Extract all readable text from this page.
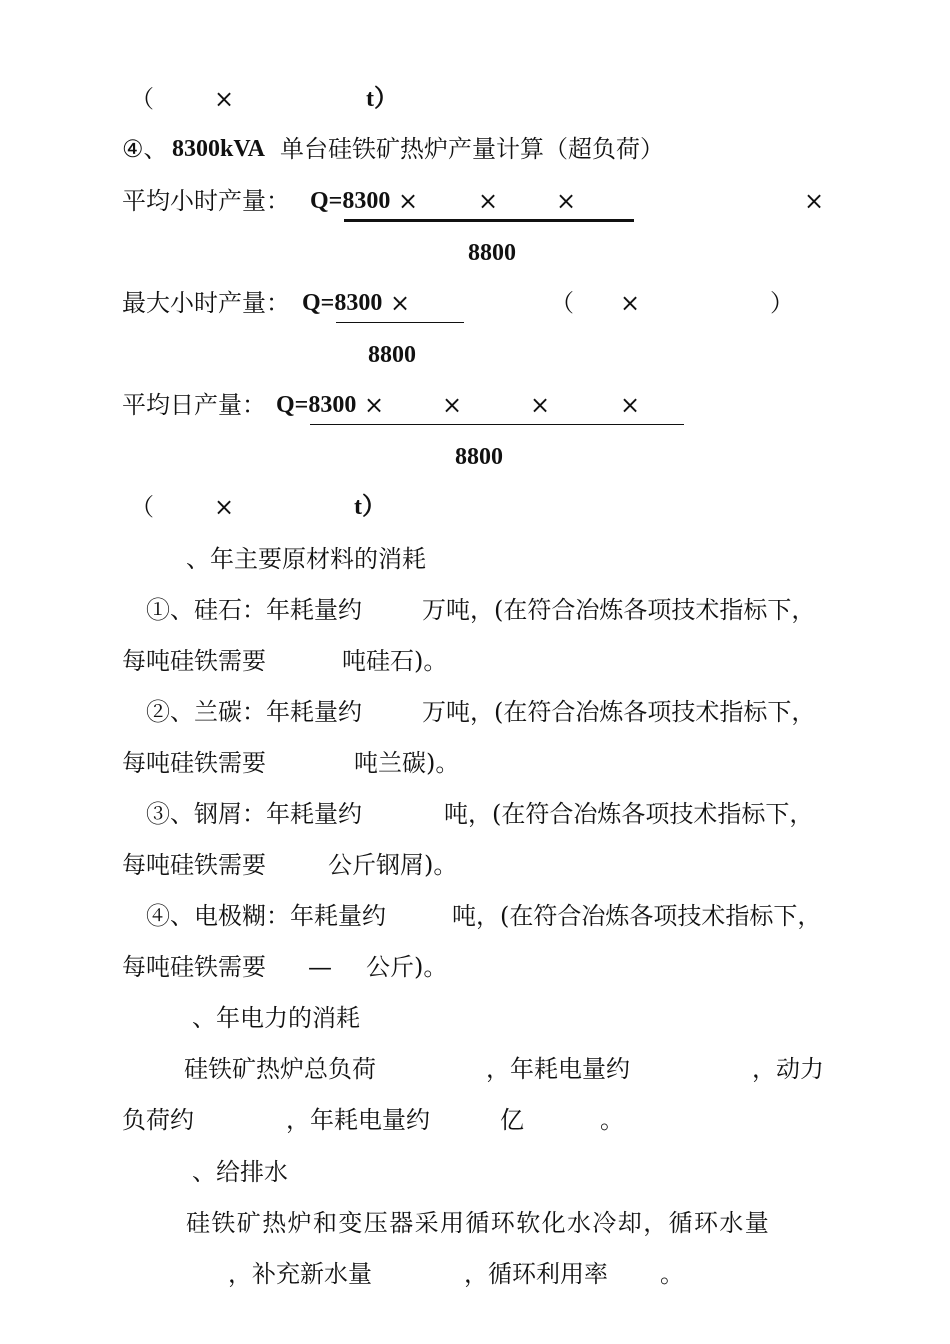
（	×	t）
④、 8300kVA 单台硅铁矿热炉产量计算（超负荷）
平均小时产量： Q=8300 × × ×	×
8800
最大小时产量： Q=8300 ×	（ ×	）
8800
平均日产量： Q=8300 × ×	×	×
8800
（	×	t）
、年主要原材料的消耗
①、硅石：年耗量约	万吨，(在符合冶炼各项技术指标下，
每吨硅铁需要	吨硅石)。
②、兰碳：年耗量约	万吨，(在符合冶炼各项技术指标下，
每吨硅铁需要	吨兰碳)。
③、钢屑：年耗量约	吨，(在符合冶炼各项技术指标下，
每吨硅铁需要	公斤钢屑)。
④、电极糊：年耗量约	吨，(在符合冶炼各项技术指标下，
每吨硅铁需要 — 公斤)。
、年电力的消耗
硅铁矿热炉总负荷	，年耗电量约	，动力
负荷约	，年耗电量约	亿	。
、给排水
硅铁矿热炉和变压器采用循环软化水冷却，循环水量
，补充新水量	，循环利用率 。
